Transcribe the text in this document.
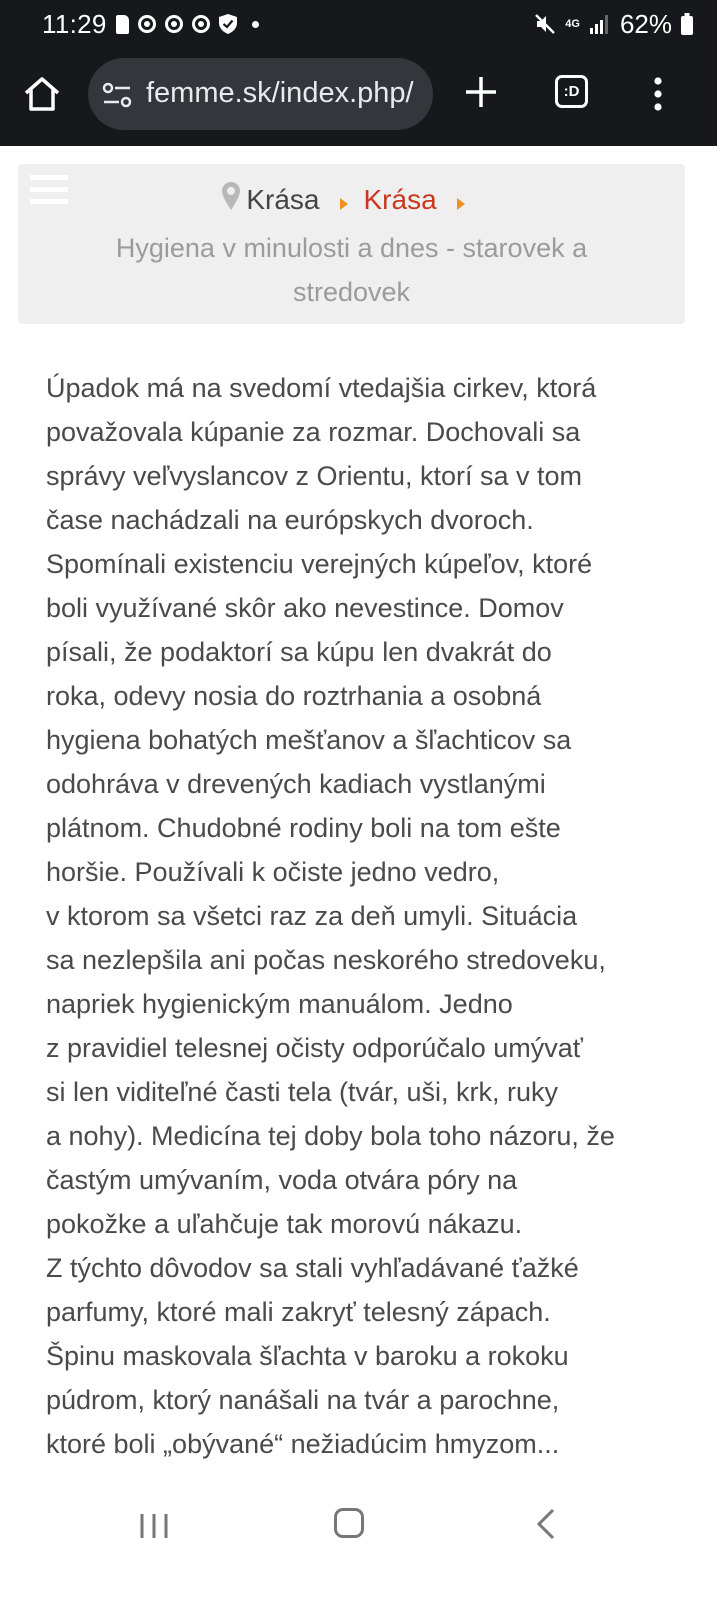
11:29	4G 62%
femme.sk/index.php/	:D
Krása Krása
Hygiena v minulosti a dnes - starovek a stredovek
Úpadok má na svedomí vtedajšia cirkev, ktorá
považovala kúpanie za rozmar. Dochovali sa
správy veľvyslancov z Orientu, ktorí sa v tom
čase nachádzali na európskych dvoroch.
Spomínali existenciu verejných kúpeľov, ktoré
boli využívané skôr ako nevestince. Domov
písali, že podaktorí sa kúpu len dvakrát do
roka, odevy nosia do roztrhania a osobná
hygiena bohatých mešťanov a šľachticov sa
odohráva v drevených kadiach vystlanými
plátnom. Chudobné rodiny boli na tom ešte
horšie. Používali k očiste jedno vedro,
v ktorom sa všetci raz za deň umyli. Situácia
sa nezlepšila ani počas neskorého stredoveku,
napriek hygienickým manuálom. Jedno
z pravidiel telesnej očisty odporúčalo umývať
si len viditeľné časti tela (tvár, uši, krk, ruky
a nohy). Medicína tej doby bola toho názoru, že
častým umývaním, voda otvára póry na
pokožke a uľahčuje tak morovú nákazu.
Z týchto dôvodov sa stali vyhľadávané ťažké
parfumy, ktoré mali zakryť telesný zápach.
Špinu maskovala šľachta v baroku a rokoku
púdrom, ktorý nanášali na tvár a parochne,
ktoré boli „obývané“ nežiadúcim hmyzom...
